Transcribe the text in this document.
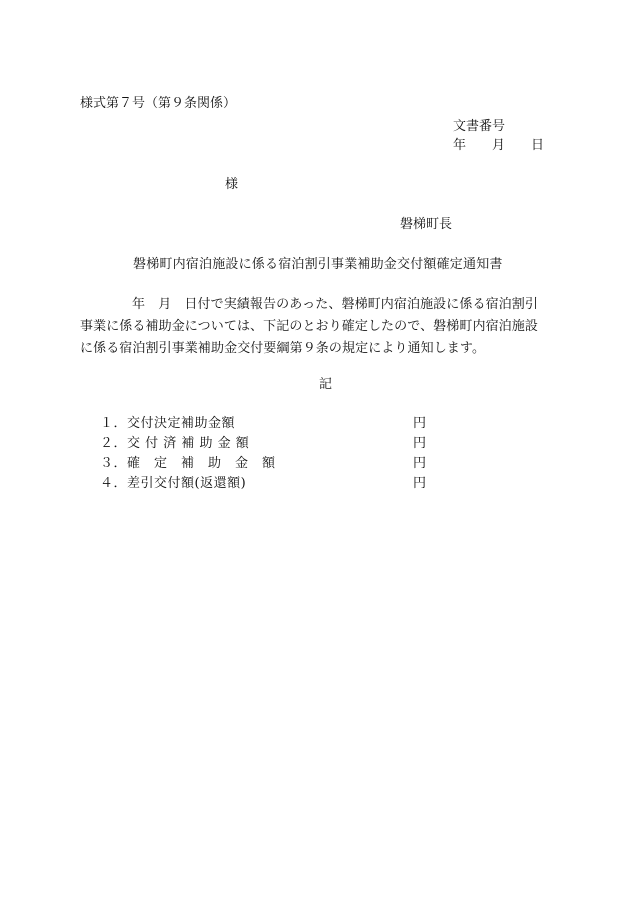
様式第７号（第９条関係）
文書番号
年　　月　　日
様
磐梯町長
磐梯町内宿泊施設に係る宿泊割引事業補助金交付額確定通知書

年　月　日付で実績報告のあった、磐梯町内宿泊施設に係る宿泊割引

事業に係る補助金については、下記のとおり確定したので、磐梯町内宿泊施設

に係る宿泊割引事業補助金交付要綱第９条の規定により通知します。

記
１．交付決定補助金額	円
２．交 付 済 補 助 金 額	円
３．確　定　補　助　金　額	円
４．差引交付額(返還額)	円
